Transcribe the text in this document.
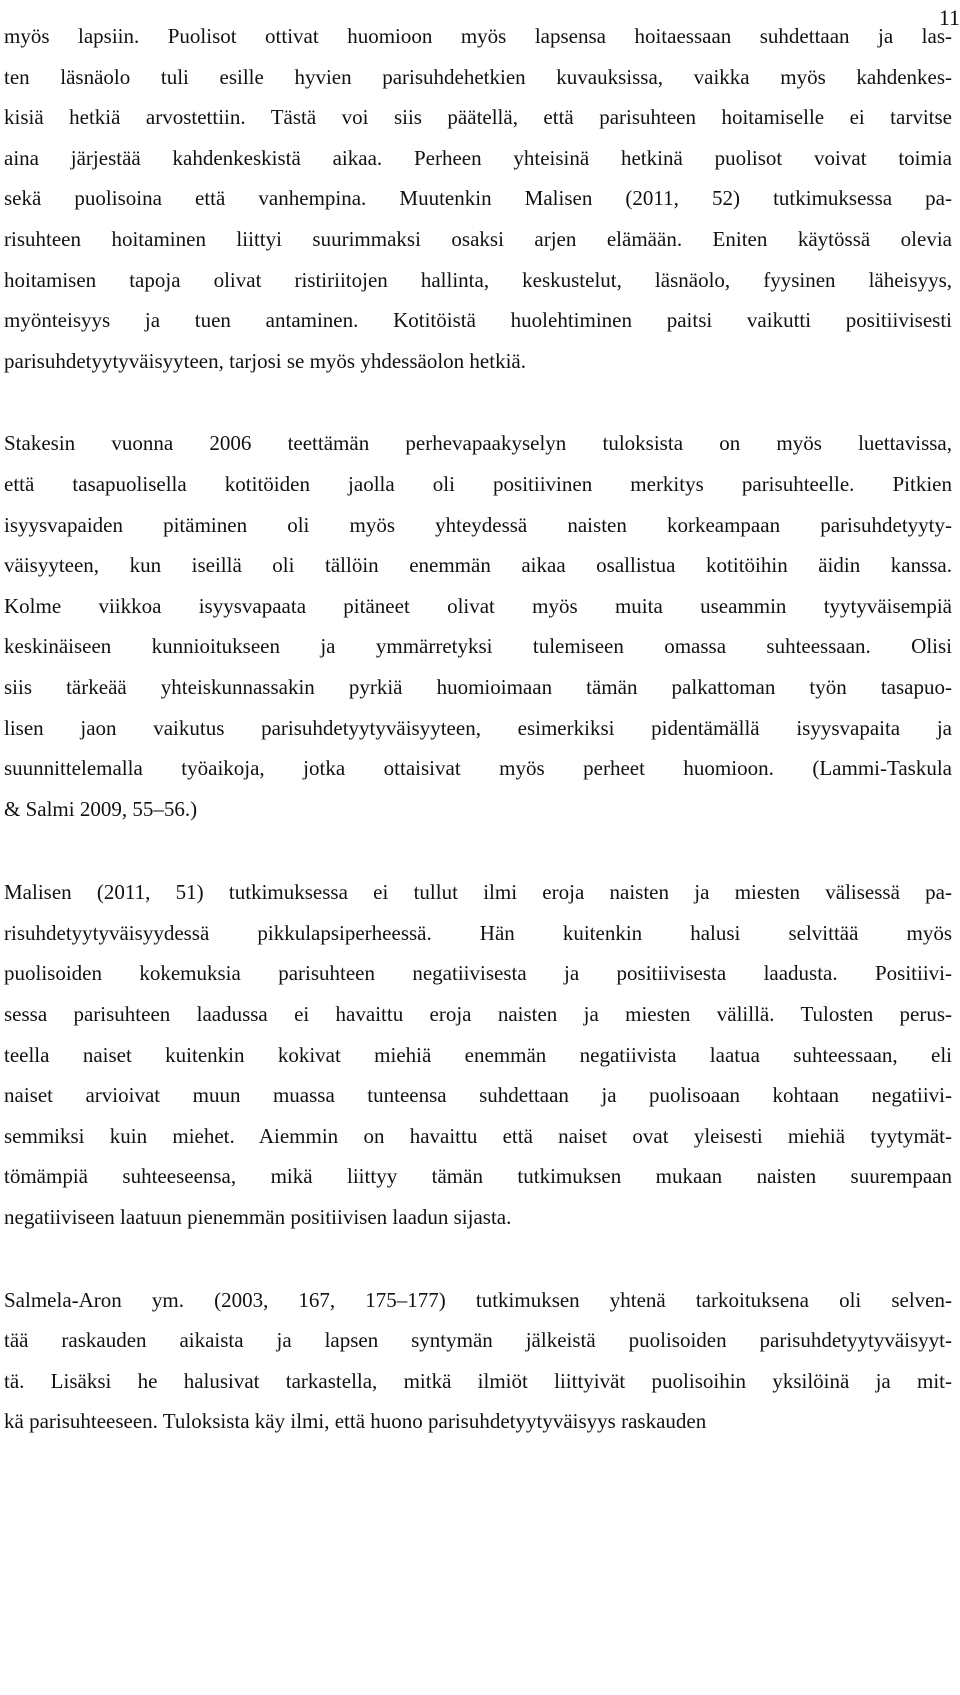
11

myös lapsiin. Puolisot ottivat huomioon myös lapsensa hoitaessaan suhdettaan ja las-
ten läsnäolo tuli esille hyvien parisuhdehetkien kuvauksissa, vaikka myös kahdenkes-
kisiä hetkiä arvostettiin. Tästä voi siis päätellä, että parisuhteen hoitamiselle ei tarvitse
aina järjestää kahdenkeskistä aikaa. Perheen yhteisinä hetkinä puolisot voivat toimia
sekä puolisoina että vanhempina. Muutenkin Malisen (2011, 52) tutkimuksessa pa-
risuhteen hoitaminen liittyi suurimmaksi osaksi arjen elämään. Eniten käytössä olevia
hoitamisen tapoja olivat ristiriitojen hallinta, keskustelut, läsnäolo, fyysinen läheisyys,
myönteisyys ja tuen antaminen. Kotitöistä huolehtiminen paitsi vaikutti positiivisesti
parisuhdetyytyväisyyteen, tarjosi se myös yhdessäolon hetkiä.

Stakesin vuonna 2006 teettämän perhevapaakyselyn tuloksista on myös luettavissa,
että tasapuolisella kotitöiden jaolla oli positiivinen merkitys parisuhteelle. Pitkien
isyysvapaiden pitäminen oli myös yhteydessä naisten korkeampaan parisuhdetyyty-
väisyyteen, kun iseillä oli tällöin enemmän aikaa osallistua kotitöihin äidin kanssa.
Kolme viikkoa isyysvapaata pitäneet olivat myös muita useammin tyytyväisempiä
keskinäiseen kunnioitukseen ja ymmärretyksi tulemiseen omassa suhteessaan. Olisi
siis tärkeää yhteiskunnassakin pyrkiä huomioimaan tämän palkattoman työn tasapuo-
lisen jaon vaikutus parisuhdetyytyväisyyteen, esimerkiksi pidentämällä isyysvapaita ja
suunnittelemalla työaikoja, jotka ottaisivat myös perheet huomioon. (Lammi-Taskula
& Salmi 2009, 55–56.)

Malisen (2011, 51) tutkimuksessa ei tullut ilmi eroja naisten ja miesten välisessä pa-
risuhdetyytyväisyydessä pikkulapsiperheessä. Hän kuitenkin halusi selvittää myös
puolisoiden kokemuksia parisuhteen negatiivisesta ja positiivisesta laadusta. Positiivi-
sessa parisuhteen laadussa ei havaittu eroja naisten ja miesten välillä. Tulosten perus-
teella naiset kuitenkin kokivat miehiä enemmän negatiivista laatua suhteessaan, eli
naiset arvioivat muun muassa tunteensa suhdettaan ja puolisoaan kohtaan negatiivi-
semmiksi kuin miehet. Aiemmin on havaittu että naiset ovat yleisesti miehiä tyytymät-
tömämpiä suhteeseensa, mikä liittyy tämän tutkimuksen mukaan naisten suurempaan
negatiiviseen laatuun pienemmän positiivisen laadun sijasta.

Salmela-Aron ym. (2003, 167, 175–177) tutkimuksen yhtenä tarkoituksena oli selven-
tää raskauden aikaista ja lapsen syntymän jälkeistä puolisoiden parisuhdetyytyväisyyt-
tä. Lisäksi he halusivat tarkastella, mitkä ilmiöt liittyivät puolisoihin yksilöinä ja mit-
kä parisuhteeseen. Tuloksista käy ilmi, että huono parisuhdetyytyväisyys raskauden
